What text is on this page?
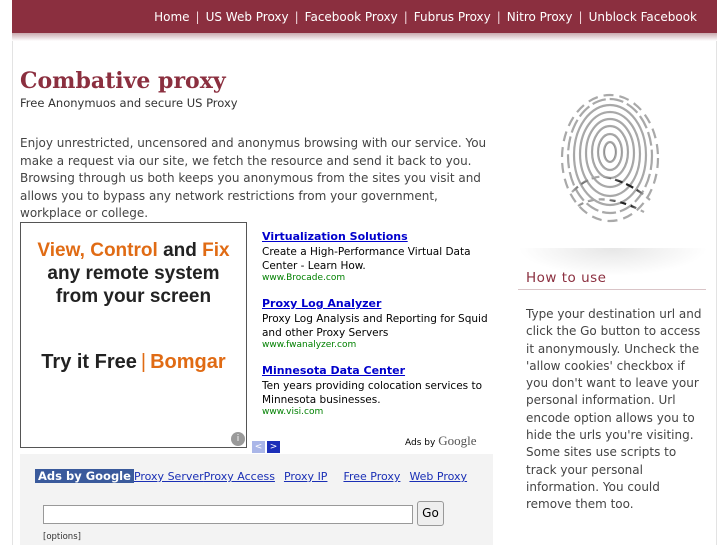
Home | US Web Proxy | Facebook Proxy | Fubrus Proxy | Nitro Proxy | Unblock Facebook
Combative proxy
Free Anonymuos and secure US Proxy

Enjoy unrestricted, uncensored and anonymus browsing with our service. You make a request via our site, we fetch the resource and send it back to you. Browsing through us both keeps you anonymous from the sites you visit and allows you to bypass any network restrictions from your government, workplace or college.

View, Control and Fix
any remote system
from your screen
Try it Free | Bomgar
i
Virtualization Solutions
Create a High-Performance Virtual Data Center - Learn How.
www.Brocade.com
Proxy Log Analyzer
Proxy Log Analysis and Reporting for Squid and other Proxy Servers
www.fwanalyzer.com
Minnesota Data Center
Ten years providing colocation services to Minnesota businesses.
www.visi.com
< >	Ads by Google
Ads by Google Proxy ServerProxy Access Proxy IP Free Proxy Web Proxy
Go
[options]
How to use
Type your destination url and click the Go button to access it anonymously. Uncheck the 'allow cookies' checkbox if you don't want to leave your personal information. Url encode option allows you to hide the urls you're visiting. Some sites use scripts to track your personal information. You could remove them too.
